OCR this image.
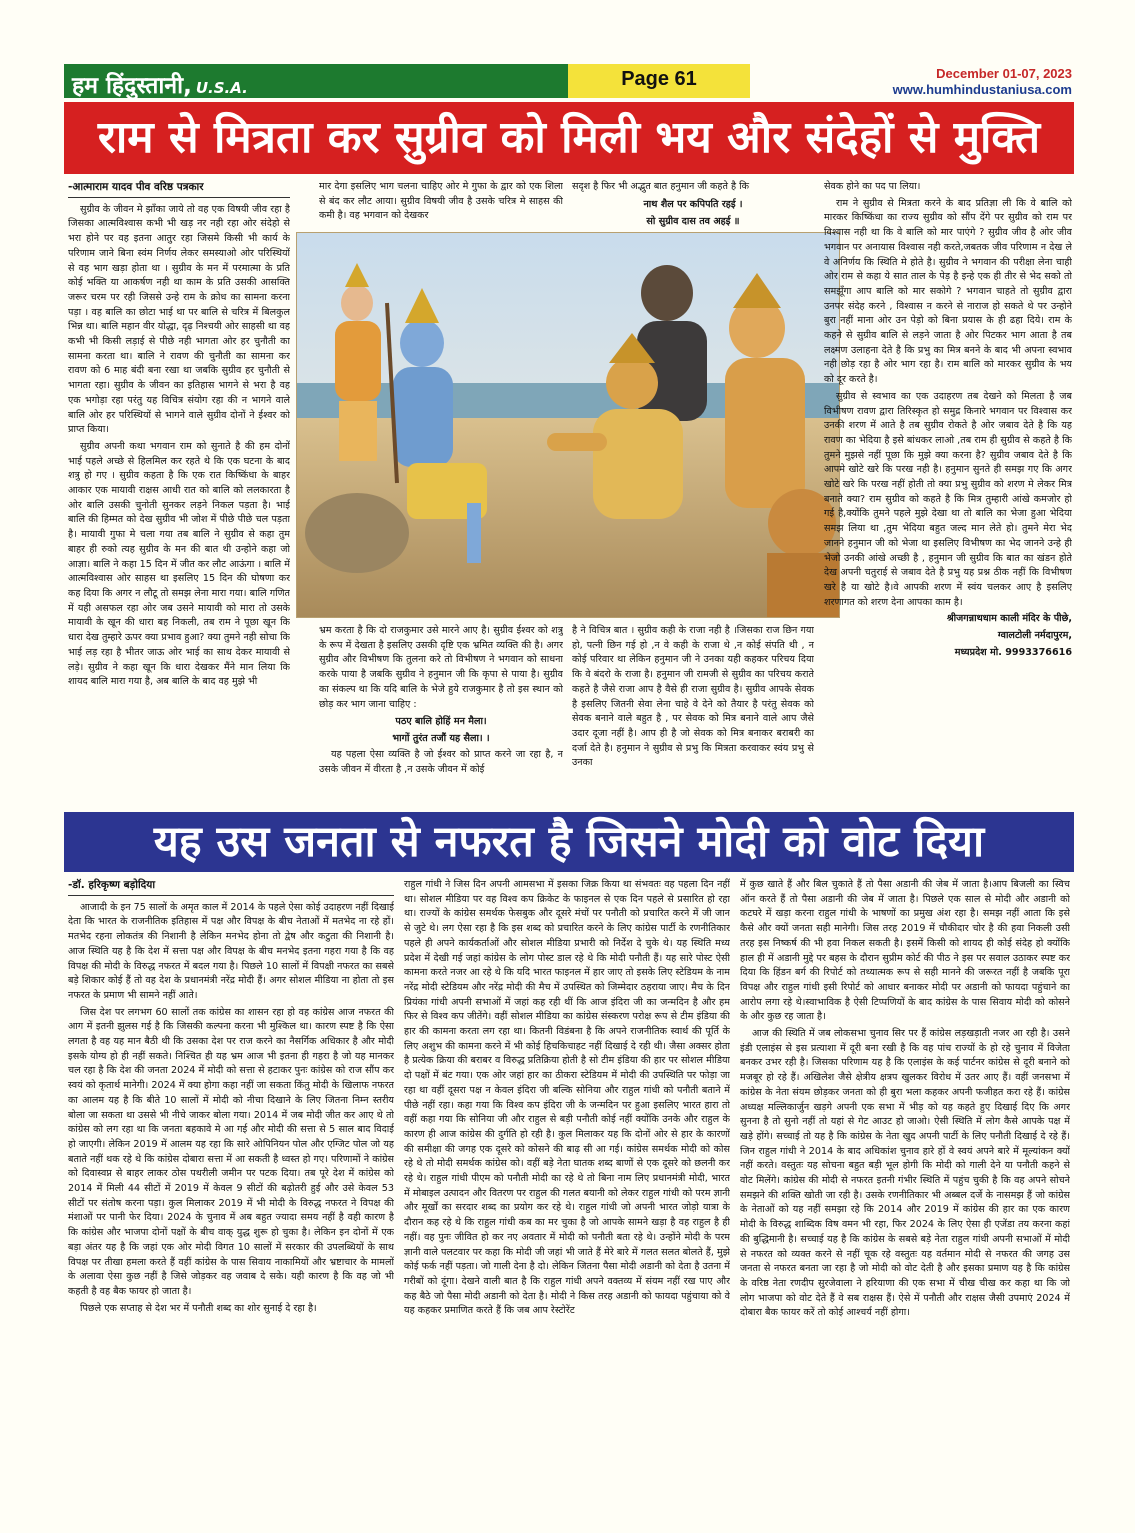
हम हिंदुस्तानी, U.S.A.	Page 61	December 01-07, 2023
www.humhindustaniusa.com
राम से मित्रता कर सुग्रीव को मिली भय और संदेहों से मुक्ति

-आत्माराम यादव पीव वरिष्ठ पत्रकार

सुग्रीव के जीवन मे झाँका जाये तो वह एक विषयी जीव रहा है जिसका आत्मविश्वास कभी भी खड़ नर नही रहा ओर संदेहो से भरा होने पर वह इतना आतुर रहा जिसमे किसी भी कार्य के परिणाम जाने बिना स्वंम निर्णय लेकर समस्याओ ओर परिस्थियों से वह भाग खड़ा होता था । सुग्रीव के मन में परमात्मा के प्रति कोई भक्ति या आकर्षण नही था काम के प्रति उसकी आसक्ति जरूर चरम पर रही जिससे उन्हे राम के क्रोध का सामना करना पड़ा । वह बालि का छोटा भाई था पर बालि से चरित्र में बिलकुल भिन्न था। बालि महान वीर योद्धा, दृढ़ निश्चयी ओर साहसी था वह कभी भी किसी लड़ाई से पीछे नही भागता ओर हर चुनौती का सामना करता था। बालि ने रावण की चुनौती का सामना कर रावण को 6 माह बंदी बना रखा था जबकि सुग्रीव हर चुनौती से भागता रहा। सुग्रीव के जीवन का इतिहास भागने से भरा है वह एक भगोड़ा रहा परंतु यह विचित्र संयोग रहा की न भागने वाले बालि ओर हर परिस्थियों से भागने वाले सुग्रीव दोनों ने ईश्वर को प्राप्त किया।

सुग्रीव अपनी कथा भगवान राम को सुनाते है की हम दोनों भाई पहले अच्छे से हिलमिल कर रहते थे कि एक घटना के बाद शत्रु हो गए । सुग्रीव कहता है कि एक रात किष्किंधा के बाहर आकार एक मायावी राक्षस आधी रात को बालि को ललकारता है ओर बालि उसकी चुनोती सुनकर लड़ने निकल पड़ता है। भाई बालि की हिम्मत को देख सुग्रीव भी जोश में पीछे पीछे चल पड़ता है। मायावी गुफा मे चला गया तब बालि ने सुग्रीव से कहा तुम बाहर ही रुको त्यह सुग्रीव के मन की बात थी उन्होने कहा जो आज्ञा। बालि ने कहा 15 दिन में जीत कर लौट आऊंगा । बालि में आत्मविश्वास ओर साहस था इसलिए 15 दिन की घोषणा कर कह दिया कि अगर न लौटू तो समझ लेना मारा गया। बालि गणित में यही असफल रहा ओर जब उसने मायावी को मारा तो उसके मायावी के खून की धारा बह निकली, तब राम ने पूछा खून कि धारा देख तुम्हारे ऊपर क्या प्रभाव हुआ? क्या तुमने नही सोचा कि भाई लड़ रहा है भीतर जाऊ ओर भाई का साथ देकर मायावी से लड़े। सुग्रीव ने कहा खून कि धारा देखकर मैंने मान लिया कि शायद बालि मारा गया है, अब बालि के बाद वह मुझे भी

मार देगा इसलिए भाग चलना चाहिए ओर मे गुफा के द्वार को एक शिला से बंद कर लौट आया। सुग्रीव विषयी जीव है उसके चरित्र मे साहस की कमी है। वह भगवान को देखकर

सदृश है फिर भी अद्भुत बात हनुमान जी कहते है कि

नाथ शैल पर कपिपति रहई ।

सो सुग्रीव दास तव अहई ॥

भ्रम करता है कि दो राजकुमार उसे मारने आए है। सुग्रीव ईश्वर को शत्रु के रूप में देखता है इसलिए उसकी दृष्टि एक भ्रमित व्यक्ति की है। अगर सुग्रीव और विभीषण कि तुलना करे तो विभीषण ने भगवान को साधना करके पाया है जबकि सुग्रीव ने हनुमान जी कि कृपा से पाया है। सुग्रीव का संकल्प था कि यदि बालि के भेजे हुये राजकुमार है तो इस स्थान को छोड़ कर भाग जाना चाहिए :

पठए बालि होहिं मन मैला।

भागों तुरंत तजौं यह सैला। ।

यह पहला ऐसा व्यक्ति है जो ईश्वर को प्राप्त करने जा रहा है, न उसके जीवन में वीरता है ,न उसके जीवन में कोई

है ने विचित्र बात । सुग्रीव कही के राजा नही है ।जिसका राज छिन गया हो, पत्नी छिन गई हो ,न वे कही के राजा थे ,न कोई संपति थी , न कोई परिवार था लेकिन हनुमान जी ने उनका यही कहकर परिचय दिया कि वे बंदरो के राजा है। हनुमान जी रामजी से सुग्रीव का परिचय कराते कहते है जैसे राजा आप है वैसे ही राजा सुग्रीव है। सुग्रीव आपके सेवक है इसलिए जितनी सेवा लेना चाहे वे देने को तैयार है परंतु सेवक को सेवक बनाने वाले बहुत है , पर सेवक को मित्र बनाने वाले आप जैसे उदार दूजा नहीं है। आप ही है जो सेवक को मित्र बनाकर बराबरी का दर्जा देते है। हनुमान ने सुग्रीव से प्रभु कि मित्रता करवाकर स्वंय प्रभु से उनका

सेवक होने का पद पा लिया।

राम ने सुग्रीव से मित्रता करने के बाद प्रतिज्ञा ली कि वे बालि को मारकर किष्किंधा का राज्य सुग्रीव को सौंप देंगे पर सुग्रीव को राम पर विश्वास नही था कि वे बालि को मार पाएंगे ? सुग्रीव जीव है ओर जीव भगवान पर अनायास विश्वास नही करते,जबतक जीव परिणाम न देख ले वे अनिर्णय कि स्थिति मे होते है। सुग्रीव ने भगवान की परीक्षा लेना चाही ओर राम से कहा ये सात ताल के पेड़ है इन्हे एक ही तीर से भेद सको तो समझूँगा आप बालि को मार सकोगे ? भगवान चाहते तो सुग्रीव द्वारा उनपर संदेह करने , विश्वास न करने से नाराज हो सकते थे पर उन्होने बुरा नहीं माना ओर उन पेड़ो को बिना प्रयास के ही ढहा दिये। राम के कहने से सुग्रीव बालि से लड़ने जाता है ओर पिटकर भाग आता है तब लक्ष्मण उलाहना देते है कि प्रभु का मित्र बनने के बाद भी अपना स्वभाव नही छोड़ रहा है ओर भाग रहा है। राम बालि को मारकर सुग्रीव के भय को दूर करते है।

सुग्रीव से स्वभाव का एक उदाहरण तब देखने को मिलता है जब विभीषण रावण द्वारा तिरिस्कृत हो समुद्र किनारे भगवान पर विश्वास कर उनकी शरण में आते है तब सुग्रीव रोकते है ओर जबाव देते है कि यह रावण का भेदिया है इसे बांधकर लाओ ,तब राम ही सुग्रीव से कहते है कि तुमने मुझसे नहीं पूछा कि मुझे क्या करना है? सुग्रीव जबाव देते है कि आपमे खोटे खरे कि परख नही है। हनुमान सुनते ही समझ गए कि अगर खोटे खरे कि परख नहीं होती तो क्या प्रभु सुग्रीव को शरण मे लेकर मित्र बनाते क्या? राम सुग्रीव को कहते है कि मित्र तुम्हारी आंखे कमजोर हो गई है,क्योंकि तुमने पहले मुझे देखा था तो बालि का भेजा हुआ भेदिया समझ लिया था ,तुम भेदिया बहुत जल्द मान लेते हो। तुमने मेरा भेद जानने हनुमान जी को भेजा था इसलिए विभीषण का भेद जानने उन्हे ही भेजो उनकी आंखे अच्छी है , हनुमान जी सुग्रीव कि बात का खंडन होते देख अपनी चतुराई से जबाव देते है प्रभु यह प्रश्न ठीक नहीं कि विभीषण खरे है या खोटे है।वे आपकी शरण में स्वंय चलकर आए है इसलिए शरणागत को शरण देना आपका काम है।

श्रीजगन्नाथधाम काली मंदिर के पीछे,

ग्वालटोली नर्मदापुरम,

मध्यप्रदेश मो. 9993376616

यह उस जनता से नफरत है जिसने मोदी को वोट दिया

-डॉ. हरिकृष्ण बड़ोदिया

आजादी के इन 75 सालों के अमृत काल में 2014 के पहले ऐसा कोई उदाहरण नहीं दिखाई देता कि भारत के राजनीतिक इतिहास में पक्ष और विपक्ष के बीच नेताओं में मतभेद ना रहे हों। मतभेद रहना लोकतंत्र की निशानी है लेकिन मनभेद होना तो द्वेष और कटुता की निशानी है। आज स्थिति यह है कि देश में सत्ता पक्ष और विपक्ष के बीच मनभेद इतना गहरा गया है कि वह विपक्ष की मोदी के विरुद्ध नफरत में बदल गया है। पिछले 10 सालों में विपक्षी नफरत का सबसे बड़े शिकार कोई हैं तो वह देश के प्रधानमंत्री नरेंद्र मोदी हैं। अगर सोशल मीडिया ना होता तो इस नफरत के प्रमाण भी सामने नहीं आते।

जिस देश पर लगभग 60 सालों तक कांग्रेस का शासन रहा हो वह कांग्रेस आज नफरत की आग में इतनी झुलस गई है कि जिसकी कल्पना करना भी मुश्किल था। कारण स्पष्ट है कि ऐसा लगता है वह यह मान बैठी थी कि उसका देश पर राज करने का नैसर्गिक अधिकार है और मोदी इसके योग्य हो ही नहीं सकते। निश्चित ही यह भ्रम आज भी इतना ही गहरा है जो यह मानकर चल रहा है कि देश की जनता 2024 में मोदी को सत्ता से हटाकर पुनः कांग्रेस को राज सौंप कर स्वयं को कृतार्थ मानेगी। 2024 में क्या होगा कहा नहीं जा सकता किंतु मोदी के खिलाफ नफरत का आलम यह है कि बीते 10 सालों में मोदी को नीचा दिखाने के लिए जितना निम्न स्तरीय बोला जा सकता था उससे भी नीचे जाकर बोला गया। 2014 में जब मोदी जीत कर आए थे तो कांग्रेस को लग रहा था कि जनता बहकावे मे आ गई और मोदी की सत्ता से 5 साल बाद विदाई हो जाएगी। लेकिन 2019 में आलम यह रहा कि सारे ओपिनियन पोल और एग्जिट पोल जो यह बताते नहीं थक रहे थे कि कांग्रेस दोबारा सत्ता में आ सकती है ध्वस्त हो गए। परिणामों ने कांग्रेस को दिवास्वप्न से बाहर लाकर ठोस पथरीली जमीन पर पटक दिया। तब पूरे देश में कांग्रेस को 2014 में मिली 44 सीटों में 2019 में केवल 9 सीटों की बढ़ोतरी हुई और उसे केवल 53 सीटों पर संतोष करना पड़ा। कुल मिलाकर 2019 में भी मोदी के विरुद्ध नफरत ने विपक्ष की मंशाओं पर पानी फेर दिया। 2024 के चुनाव में अब बहुत ज्यादा समय नहीं है वही कारण है कि कांग्रेस और भाजपा दोनों पक्षों के बीच वाक् युद्ध शुरू हो चुका है। लेकिन इन दोनों में एक बड़ा अंतर यह है कि जहां एक ओर मोदी विगत 10 सालों में सरकार की उपलब्धियों के साथ विपक्ष पर तीखा हमला करते हैं वहीं कांग्रेस के पास सिवाय नाकामियों और भ्रष्टाचार के मामलों के अलावा ऐसा कुछ नहीं है जिसे जोड़कर वह जवाब दे सके। यही कारण है कि वह जो भी कहती है वह बैक फायर हो जाता है।

पिछले एक सप्ताह से देश भर में पनौती शब्द का शोर सुनाई दे रहा है।

राहुल गांधी ने जिस दिन अपनी आमसभा में इसका जिक्र किया था संभवतः वह पहला दिन नहीं था। सोशल मीडिया पर वह विश्व कप क्रिकेट के फाइनल से एक दिन पहले से प्रसारित हो रहा था। राज्यों के कांग्रेस समर्थक फेसबुक और दूसरे मंचों पर पनौती को प्रचारित करने में जी जान से जुटे थे। लग ऐसा रहा है कि इस शब्द को प्रचारित करने के लिए कांग्रेस पार्टी के रणनीतिकार पहले ही अपने कार्यकर्ताओं और सोशल मीडिया प्रभारी को निर्देश दे चुके थे। यह स्थिति मध्य प्रदेश में देखी गई जहां कांग्रेस के लोग पोस्ट डाल रहे थे कि मोदी पनौती हैं। यह सारे पोस्ट ऐसी कामना करते नजर आ रहे थे कि यदि भारत फाइनल में हार जाए तो इसके लिए स्टेडियम के नाम नरेंद्र मोदी स्टेडियम और नरेंद्र मोदी की मैच में उपस्थित को जिम्मेदार ठहराया जाए। मैच के दिन प्रियंका गांधी अपनी सभाओं में जहां कह रही थीं कि आज इंदिरा जी का जन्मदिन है और हम फिर से विश्व कप जीतेंगे। वहीं सोशल मीडिया का कांग्रेस संस्करण परोक्ष रूप से टीम इंडिया की हार की कामना करता लग रहा था। कितनी विडंबना है कि अपने राजनीतिक स्वार्थ की पूर्ति के लिए अशुभ की कामना करने में भी कोई हिचकिचाहट नहीं दिखाई दे रही थी। जैसा अक्सर होता है प्रत्येक क्रिया की बराबर व विरुद्ध प्रतिक्रिया होती है सो टीम इंडिया की हार पर सोशल मीडिया दो पक्षों में बंट गया। एक ओर जहां हार का ठीकरा स्टेडियम में मोदी की उपस्थिति पर फोड़ा जा रहा था वहीं दूसरा पक्ष न केवल इंदिरा जी बल्कि सोनिया और राहुल गांधी को पनौती बताने में पीछे नहीं रहा। कहा गया कि विश्व कप इंदिरा जी के जन्मदिन पर हुआ इसलिए भारत हारा तो वहीं कहा गया कि सोनिया जी और राहुल से बड़ी पनौती कोई नहीं क्योंकि उनके और राहुल के कारण ही आज कांग्रेस की दुर्गति हो रही है। कुल मिलाकर यह कि दोनों ओर से हार के कारणों की समीक्षा की जगह एक दूसरे को कोसने की बाढ़ सी आ गई। कांग्रेस समर्थक मोदी को कोस रहे थे तो मोदी समर्थक कांग्रेस को। वहीं बड़े नेता घातक शब्द बाणों से एक दूसरे को छलनी कर रहे थे। राहुल गांधी पीएम को पनौती मोदी का रहे थे तो बिना नाम लिए प्रधानमंत्री मोदी, भारत में मोबाइल उत्पादन और वितरण पर राहुल की गलत बयानी को लेकर राहुल गांधी को परम ज्ञानी और मूर्खों का सरदार शब्द का प्रयोग कर रहे थे। राहुल गांधी जो अपनी भारत जोड़ो यात्रा के दौरान कह रहे थे कि राहुल गांधी कब का मर चुका है जो आपके सामने खड़ा है वह राहुल है ही नहीं। वह पुनः जीवित हो कर नए अवतार में मोदी को पनौती बता रहे थे। उन्होंने मोदी के परम ज्ञानी वाले पलटवार पर कहा कि मोदी जी जहां भी जाते हैं मेरे बारे में गलत सलत बोलते हैं, मुझे कोई फर्क नहीं पड़ता। जो गाली देना है दो। लेकिन जितना पैसा मोदी अडानी को देता है उतना में गरीबों को दूंगा। देखने वाली बात है कि राहुल गांधी अपने वक्तव्य में संयम नहीं रख पाए और कह बैठे जो पैसा मोदी अडानी को देता है। मोदी ने किस तरह अडानी को फायदा पहुंचाया को वे यह कहकर प्रमाणित करते हैं कि जब आप रेस्टोरेंट

में कुछ खाते हैं और बिल चुकाते हैं तो पैसा अडानी की जेब में जाता है।आप बिजली का स्विच ऑन करते हैं तो पैसा अडानी की जेब में जाता है। पिछले एक साल से मोदी और अडानी को कटघरे में खड़ा करना राहुल गांधी के भाषणों का प्रमुख अंश रहा है। समझ नहीं आता कि इसे कैसे और क्यों जनता सही मानेगी। जिस तरह 2019 में चौकीदार चोर है की हवा निकली उसी तरह इस निष्कर्ष की भी हवा निकल सकती है। इसमें किसी को शायद ही कोई संदेह हो क्योंकि हाल ही में अडानी मुद्दे पर बहस के दौरान सुप्रीम कोर्ट की पीठ ने इस पर सवाल उठाकर स्पष्ट कर दिया कि हिंडन बर्ग की रिपोर्ट को तथ्यात्मक रूप से सही मानने की जरूरत नहीं है जबकि पूरा विपक्ष और राहुल गांधी इसी रिपोर्ट को आधार बनाकर मोदी पर अडानी को फायदा पहुंचाने का आरोप लगा रहे थे।स्वाभाविक है ऐसी टिप्पणियों के बाद कांग्रेस के पास सिवाय मोदी को कोसने के और कुछ रह जाता है।

आज की स्थिति में जब लोकसभा चुनाव सिर पर हैं कांग्रेस लड़खड़ाती नजर आ रही है। उसने इंडी एलाइंस से इस प्रत्याशा में दूरी बना रखी है कि वह पांच राज्यों के हो रहे चुनाव में विजेता बनकर उभर रही है। जिसका परिणाम यह है कि एलाइंस के कई पार्टनर कांग्रेस से दूरी बनाने को मजबूर हो रहे हैं। अखिलेश जैसे क्षेत्रीय क्षत्रप खुलकर विरोध में उतर आए हैं। वहीं जनसभा में कांग्रेस के नेता संयम छोड़कर जनता को ही बुरा भला कहकर अपनी फजीहत करा रहे हैं। कांग्रेस अध्यक्ष मल्लिकार्जुन खड़गे अपनी एक सभा में भीड़ को यह कहते हुए दिखाई दिए कि अगर सुनना है तो सुनो नहीं तो यहां से गेट आउट हो जाओ। ऐसी स्थिति में लोग कैसे आपके पक्ष में खड़े होंगे। सच्चाई तो यह है कि कांग्रेस के नेता खुद अपनी पार्टी के लिए पनौती दिखाई दे रहे हैं। जिन राहुल गांधी ने 2014 के बाद अधिकांश चुनाव हारे हों वे स्वयं अपने बारे में मूल्यांकन क्यों नहीं करते। वस्तुतः यह सोचना बहुत बड़ी भूल होगी कि मोदी को गाली देने या पनौती कहने से वोट मिलेंगे। कांग्रेस की मोदी से नफरत इतनी गंभीर स्थिति में पहुंच चुकी है कि वह अपने सोचने समझने की शक्ति खोती जा रही है। उसके रणनीतिकार भी अब्बल दर्जे के नासमझ हैं जो कांग्रेस के नेताओं को यह नहीं समझा रहे कि 2014 और 2019 में कांग्रेस की हार का एक कारण मोदी के विरुद्ध शाब्दिक विष वमन भी रहा, फिर 2024 के लिए ऐसा ही एजेंडा तय करना कहां की बुद्धिमानी है। सच्चाई यह है कि कांग्रेस के सबसे बड़े नेता राहुल गांधी अपनी सभाओं में मोदी से नफरत को व्यक्त करने से नहीं चूक रहे वस्तुतः यह वर्तमान मोदी से नफरत की जगह उस जनता से नफरत बनता जा रहा है जो मोदी को वोट देती है और इसका प्रमाण यह है कि कांग्रेस के वरिष्ठ नेता रणदीप सुरजेवाला ने हरियाणा की एक सभा में चीख चीख कर कहा था कि जो लोग भाजपा को वोट देते हैं वे सब राक्षस हैं। ऐसे में पनौती और राक्षस जैसी उपमाएं 2024 में दोबारा बैक फायर करें तो कोई आश्चर्य नहीं होगा।
